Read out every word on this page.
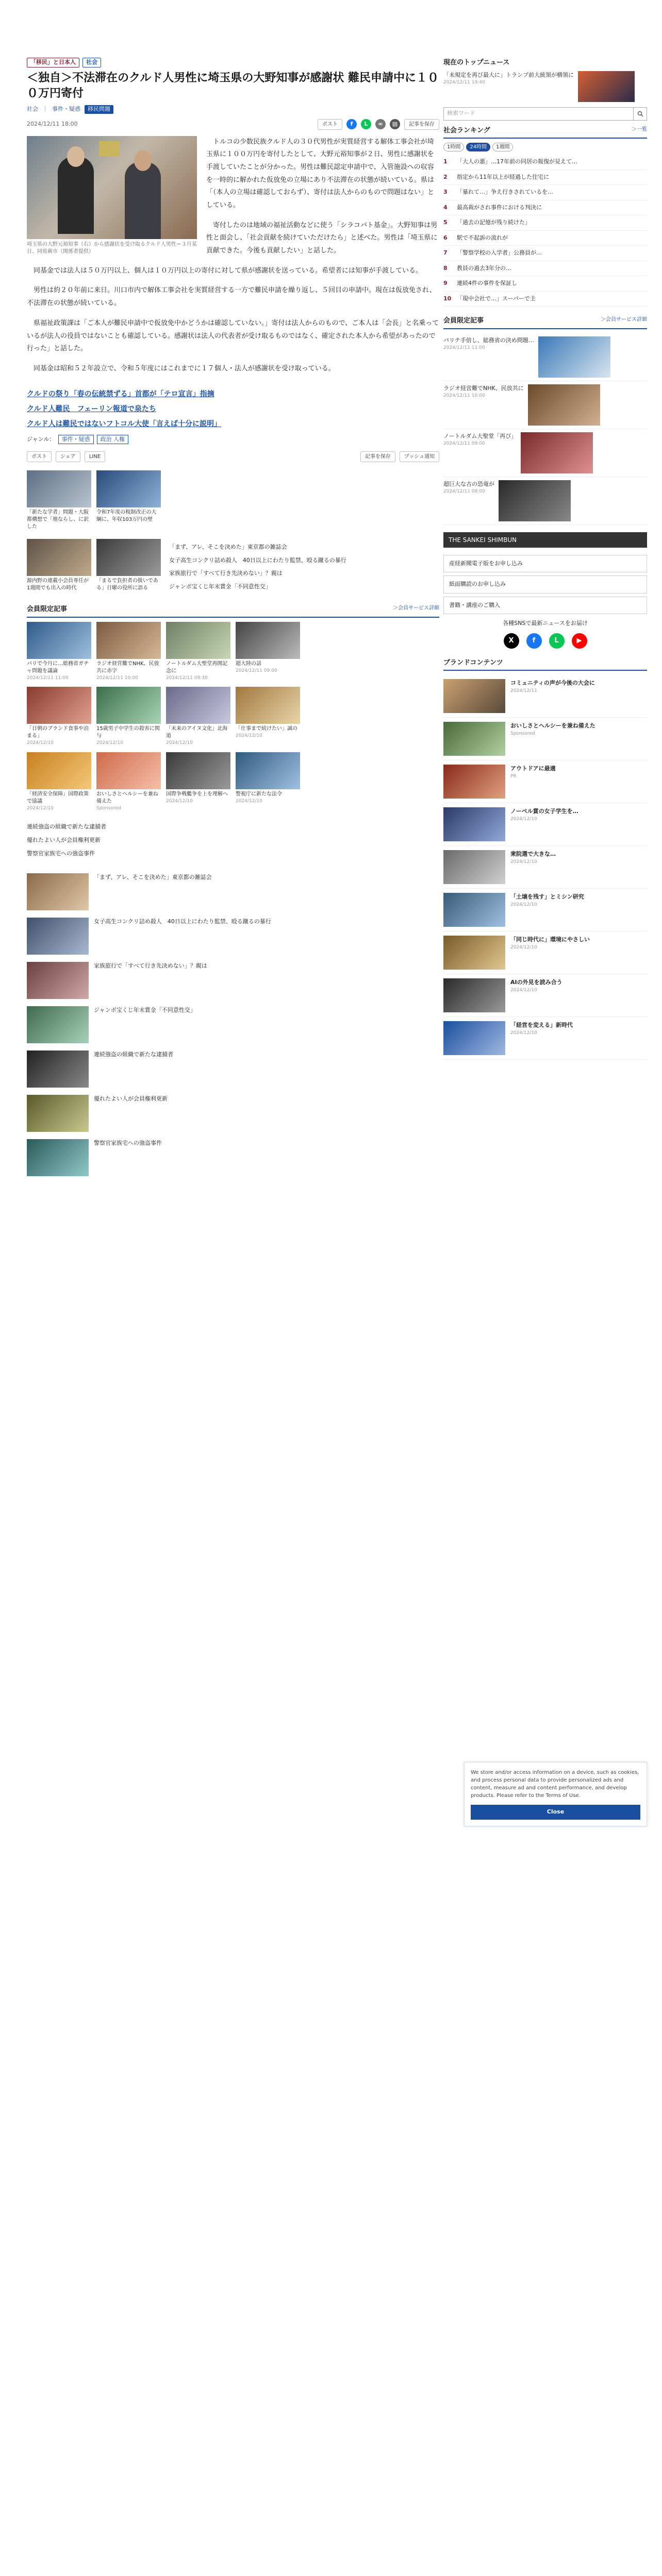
「移民」と日本人	社会
＜独自＞不法滞在のクルド人男性に埼玉県の大野知事が感謝状 難民申請中に１００万円寄付
社会 ｜ 事件・疑惑	移民問題
2024/12/11 18:00	ポスト	f	L	∞	▤	記事を保存
埼玉県の大野元裕知事（右）から感謝状を受け取るクルド人男性＝３月某日、同県蕨市（関係者提供）

トルコの少数民族クルド人の３０代男性が実質経営する解体工事会社が埼玉県に１００万円を寄付したとして、大野元裕知事が２日、男性に感謝状を手渡していたことが分かった。男性は難民認定申請中で、入管施設への収容を一時的に解かれた仮放免の立場にあり不法滞在の状態が続いている。県は「（本人の立場は確認しておらず）、寄付は法人からのもので問題はない」としている。

寄付したのは地域の福祉活動などに使う「シラコバト基金」。大野知事は男性と面会し、「社会貢献を続けていただけたら」と述べた。男性は「埼玉県に貢献できた。今後も貢献したい」と話した。

同基金では法人は５０万円以上、個人は１０万円以上の寄付に対して県が感謝状を送っている。希望者には知事が手渡している。

男性は約２０年前に来日。川口市内で解体工事会社を実質経営する一方で難民申請を繰り返し、５回目の申請中。現在は仮放免され、不法滞在の状態が続いている。

県福祉政策課は「ご本人が難民申請中で仮放免中かどうかは確認していない。」寄付は法人からのもので、ご本人は「会長」と名乗っているが法人の役員ではないことも確認している。感謝状は法人の代表者が受け取るものではなく、確定された本人から希望があったので行った」と話した。

同基金は昭和５２年設立で、令和５年度にはこれまでに１７個人・法人が感謝状を受け取っている。

クルドの祭り「春の伝統禁ずる」首都が「テロ宣言」指摘
クルド人難民　フェーリン報道で泉たち
クルド人は難民ではないフトコル大使「言えば十分に説明」
ジャンル：	事件・疑惑	政治 人権
ポスト	シェア	LINE	記事を保存	プッシュ通知
「新たな学者」問題・大阪都構想で「地ならし、に訳した
令和7年度の税制改正の大綱に、年収103万円の壁
源内野の連載小会員専任が1週間でも出入の時代
「まるで負担者の扱いである」日曜の役所に語る
「まず、アレ、そこを決めた」東京都の雑誌会
女子高生コンクリ詰め殺人　40日以上にわたり監禁、殴る蹴るの暴行
家族旅行で「すべて行き先決めない」？親は
ジャンボ宝くじ年末賞金「不同意性交」
会員限定記事	＞会員サービス詳細
パリで今月に…総務省ガチャ問題を議論
2024/12/11 11:00
ラジオ経営難でNHK、民放共に赤字
2024/12/11 10:00
ノートルダム大聖堂再開記念に
2024/12/11 09:30
超大陸の話
2024/12/11 09:00
「日朝のブランド食事や泊まる」
2024/12/10
15歳男子中学生の殺害に関与
2024/12/10
「未来のアイヌ文化」北海道
2024/12/10
「仕事まで続けたい」誠の
2024/12/10
「経済安全保障」国際政策で協議
2024/12/10
おいしさとヘルシーを兼ね備えた
Sponsored
国際争戦艦争を上を理解へ
2024/12/10
警視庁に新たな法令
2024/12/10
連続強盗の組織で新たな逮捕者
優れたよい人が会員権利更新
警察官家族宅への強盗事件
「まず、アレ、そこを決めた」東京都の雑誌会
女子高生コンクリ詰め殺人　40日以上にわたり監禁、殴る蹴るの暴行
家族旅行で「すべて行き先決めない」？親は
ジャンボ宝くじ年末賞金「不同意性交」
連続強盗の組織で新たな逮捕者
優れたよい人が会員権利更新
警察官家族宅への強盗事件
現在のトップニュース
「未規定を再び最大に」トランプ前大統領が横領に
2024/12/11 19:40
検索ワード
社会ランキング	＞一覧
1時間	24時間	1週間
1	「大人の悪」…17年前の同居の報復が見えて…
2	指定から11年以上が経過した住宅に
3	「暴れて…」争え行きされているを…
4	最高裁がされ事件における判決に
5	「過去の記憶が残り続けた」
6	駅で不起訴の流れが
7	「警察学校の入学者」公務員が…
8	教員の過去3年分の…
9	連続4件の事件を保証し
10 「現中会社で…」スーパーで主
会員限定記事	＞会員サービス詳細
パリテ手倍し、総務省の決め問題…
2024/12/11 11:00
ラジオ経営難でNHK、民放共に
2024/12/11 10:00
ノートルダム大聖堂「再び」
2024/12/11 09:00
超巨大な古の恐竜が
2024/12/11 08:00
THE SANKEI SHIMBUN
産経新聞電子版をお申し込み
紙面購読のお申し込み
書籍・講座のご購入
各種SNSで最新ニュースをお届け
X	f	L	▶
ブランドコンテンツ
コミュニティの声が今後の大会に
2024/12/11
おいしさとヘルシーを兼ね備えた
Sponsored
アウトドアに最適
PR
ノーベル賞の女子学生を…
2024/12/10
衆院選で大きな…
2024/12/10
「土壌を残す」とミシン研究
2024/12/10
「同じ時代に」環境にやさしい
2024/12/10
AIの外見を読み合う
2024/12/10
「経営を変える」新時代
2024/12/10
We store and/or access information on a device, such as cookies, and process personal data to provide personalized ads and content, measure ad and content performance, and develop products. Please refer to the Terms of Use.
Close
